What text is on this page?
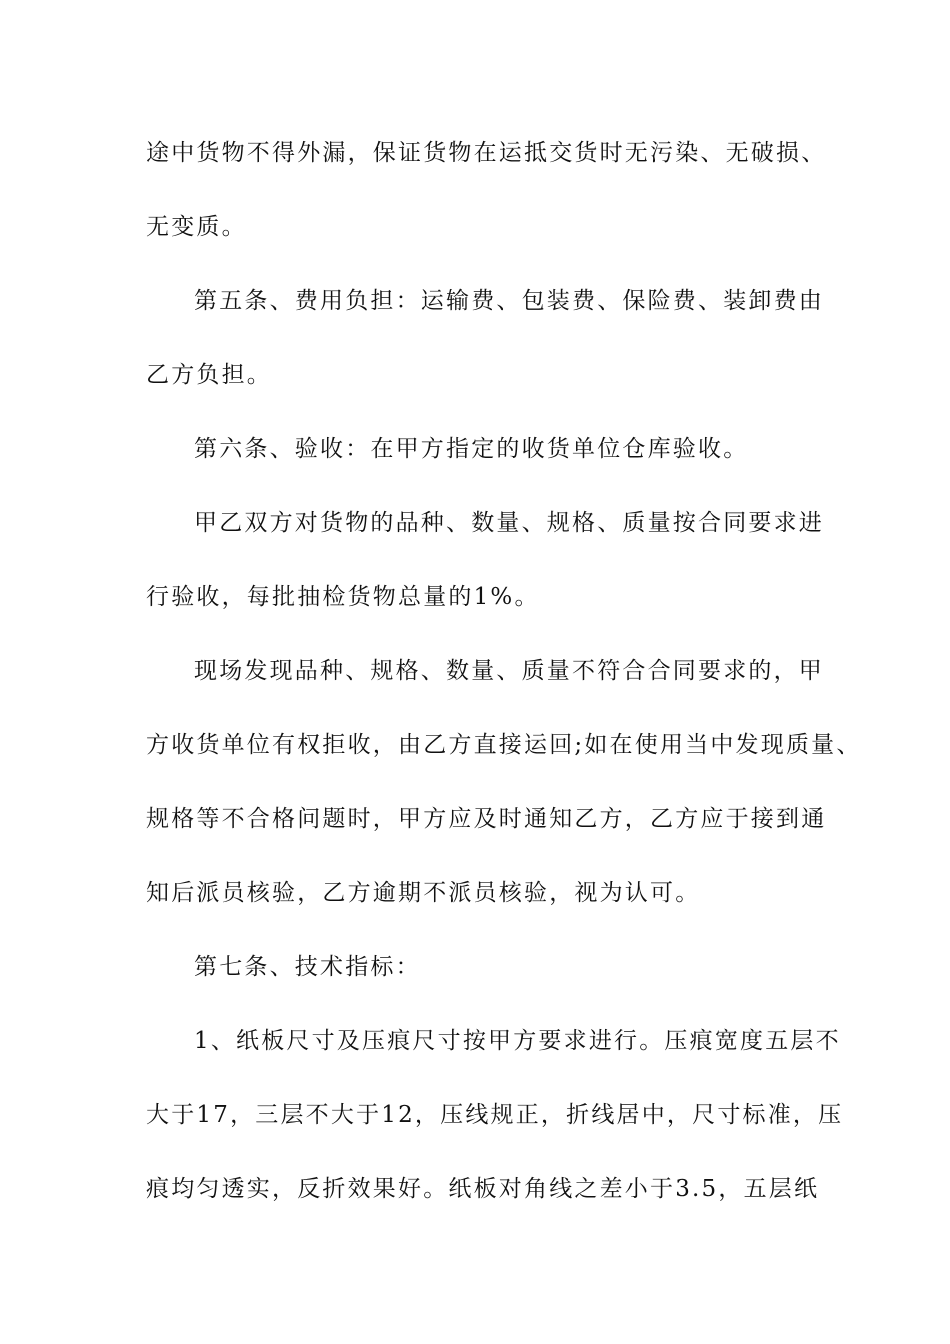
途中货物不得外漏，保证货物在运抵交货时无污染、无破损、

无变质。

第五条、费用负担：运输费、包装费、保险费、装卸费由

乙方负担。

第六条、验收：在甲方指定的收货单位仓库验收。

甲乙双方对货物的品种、数量、规格、质量按合同要求进

行验收，每批抽检货物总量的1%。

现场发现品种、规格、数量、质量不符合合同要求的，甲

方收货单位有权拒收，由乙方直接运回;如在使用当中发现质量、

规格等不合格问题时，甲方应及时通知乙方，乙方应于接到通

知后派员核验，乙方逾期不派员核验，视为认可。

第七条、技术指标：

1、纸板尺寸及压痕尺寸按甲方要求进行。压痕宽度五层不

大于17，三层不大于12，压线规正，折线居中，尺寸标准，压

痕均匀透实，反折效果好。纸板对角线之差小于3.5，五层纸
